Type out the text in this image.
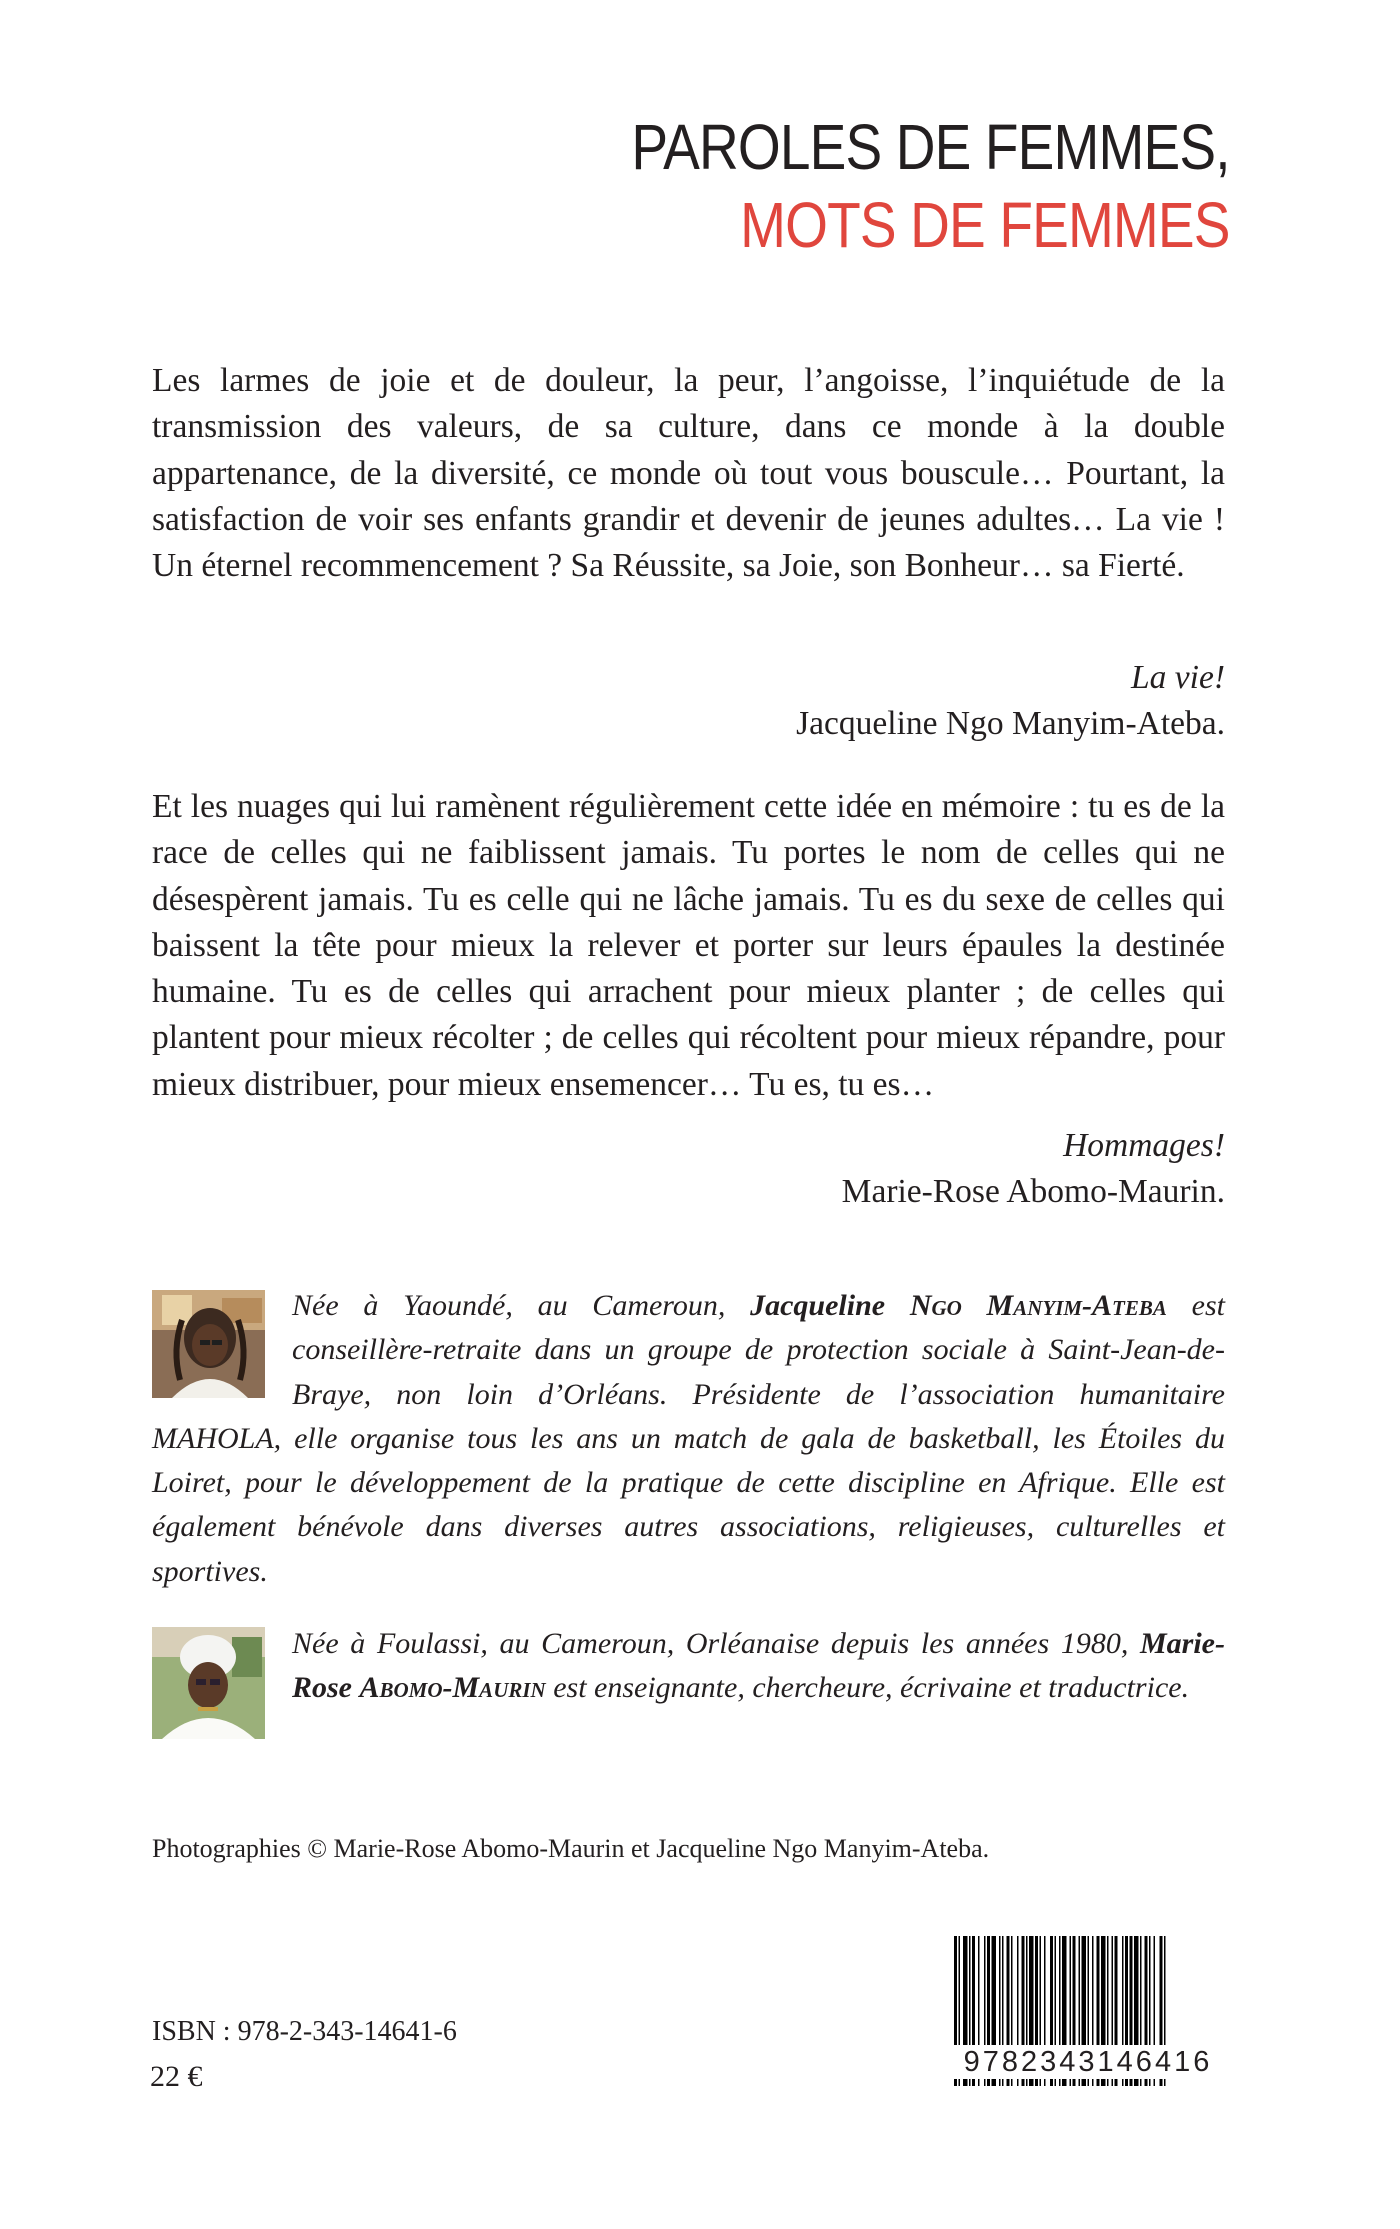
PAROLES DE FEMMES,
MOTS DE FEMMES

Les larmes de joie et de douleur, la peur, l’angoisse, l’inquiétude de la transmission des valeurs, de sa culture, dans ce monde à la double appartenance, de la diversité, ce monde où tout vous bouscule… Pourtant, la satisfaction de voir ses enfants grandir et devenir de jeunes adultes… La vie ! Un éternel recommencement ? Sa Réussite, sa Joie, son Bonheur… sa Fierté.

La vie!
Jacqueline Ngo Manyim-Ateba.

Et les nuages qui lui ramènent régulièrement cette idée en mémoire : tu es de la race de celles qui ne faiblissent jamais. Tu portes le nom de celles qui ne désespèrent jamais. Tu es celle qui ne lâche jamais. Tu es du sexe de celles qui baissent la tête pour mieux la relever et porter sur leurs épaules la destinée humaine. Tu es de celles qui arrachent pour mieux planter ; de celles qui plantent pour mieux récolter ; de celles qui récoltent pour mieux répandre, pour mieux distribuer, pour mieux ensemencer… Tu es, tu es…

Hommages!
Marie-Rose Abomo-Maurin.
Née à Yaoundé, au Cameroun, Jacqueline Ngo Manyim-Ateba est conseillère-retraite dans un groupe de protection sociale à Saint-Jean-de-Braye, non loin d’Orléans. Présidente de l’association humanitaire MAHOLA, elle organise tous les ans un match de gala de basketball, les Étoiles du Loiret, pour le développement de la pratique de cette discipline en Afrique. Elle est également bénévole dans diverses autres associations, religieuses, culturelles et sportives.
Née à Foulassi, au Cameroun, Orléanaise depuis les années 1980, Marie-Rose Abomo-Maurin est enseignante, chercheure, écrivaine et traductrice.
Photographies © Marie-Rose Abomo-Maurin et Jacqueline Ngo Manyim-Ateba.
9782343146416
ISBN : 978-2-343-14641-6
22 €
